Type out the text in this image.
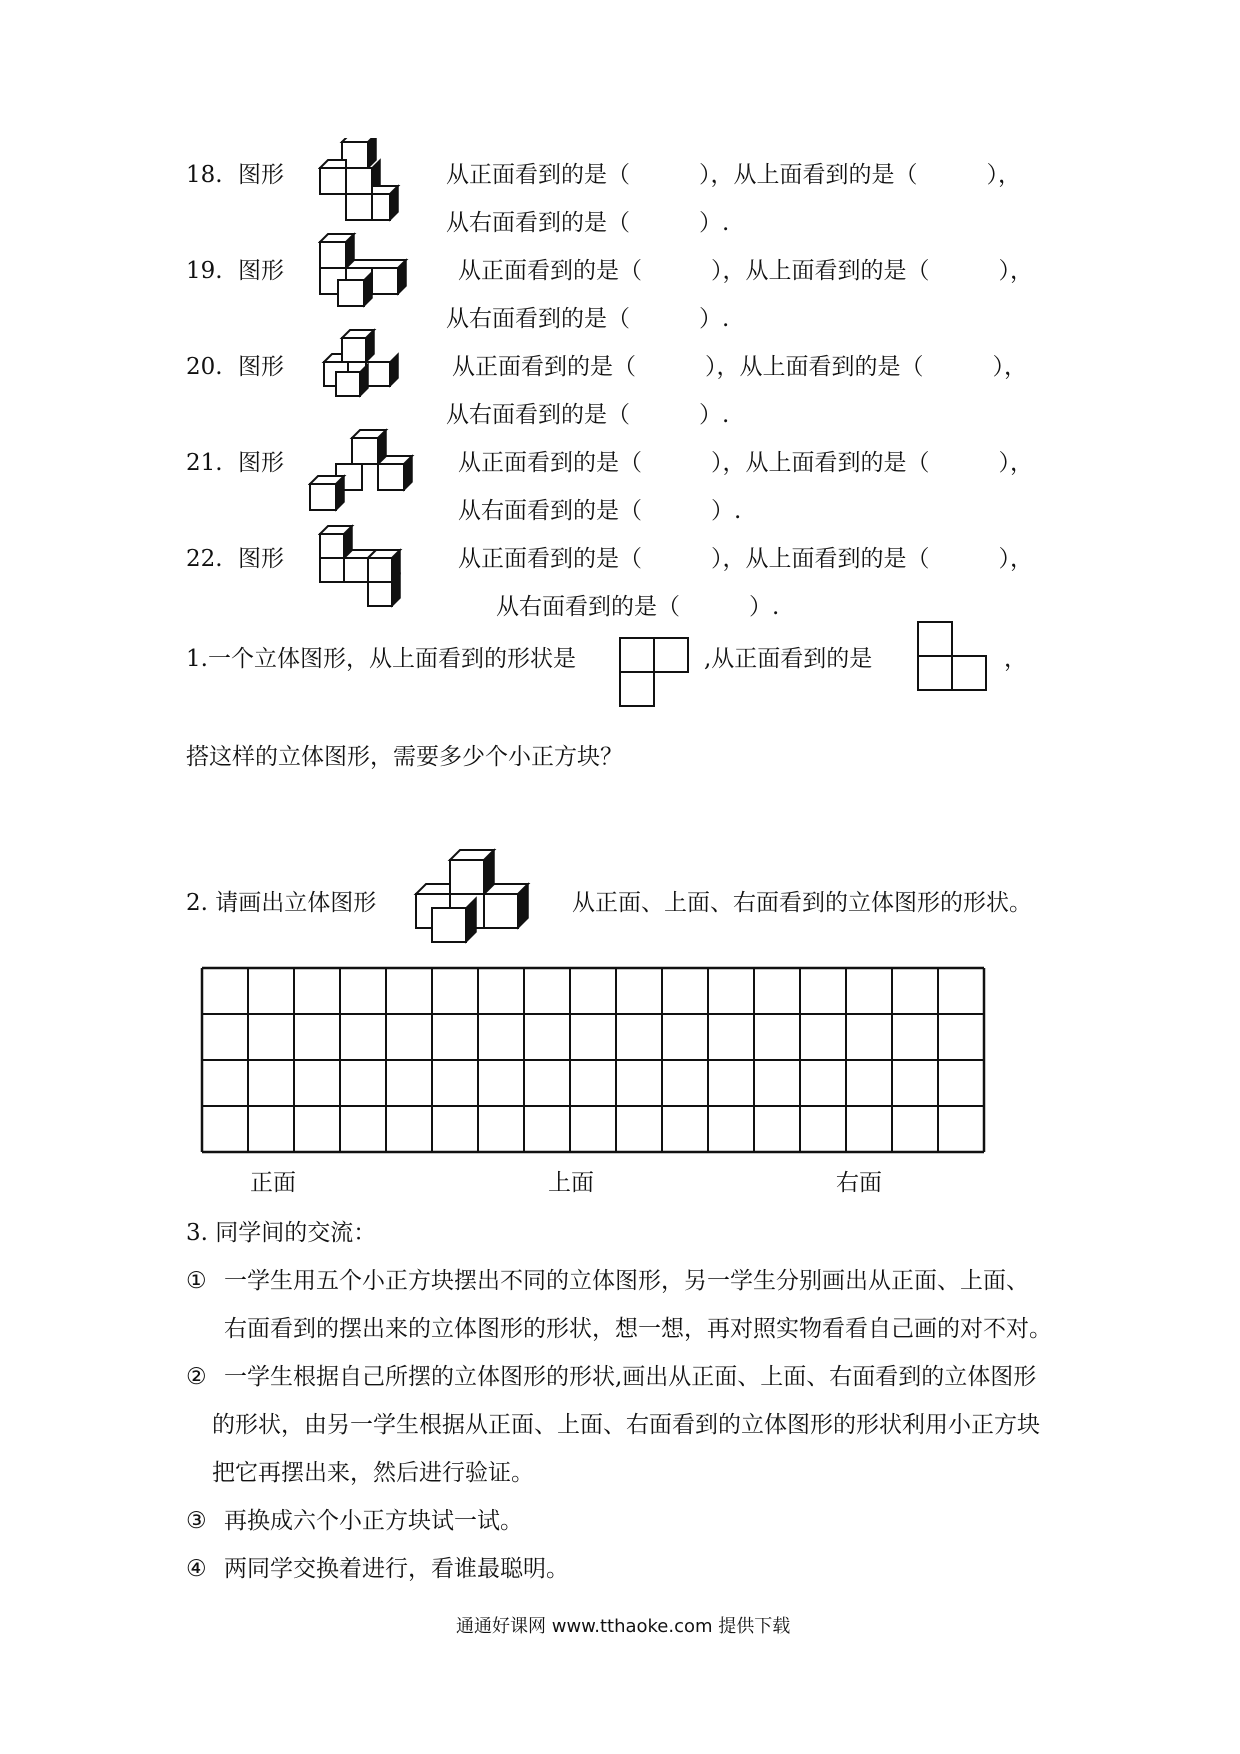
18. 图形	从正面看到的是（　　　），从上面看到的是（　　　），
从右面看到的是（　　　）.
19. 图形	从正面看到的是（　　　），从上面看到的是（　　　），
从右面看到的是（　　　）.
20. 图形	从正面看到的是（　　　），从上面看到的是（　　　），
从右面看到的是（　　　）.
21. 图形	从正面看到的是（　　　），从上面看到的是（　　　），
从右面看到的是（　　　）.
22. 图形	从正面看到的是（　　　），从上面看到的是（　　　），
从右面看到的是（　　　）.
1.一个立体图形，从上面看到的形状是	,从正面看到的是	，
搭这样的立体图形，需要多少个小正方块？
2. 请画出立体图形	从正面、上面、右面看到的立体图形的形状。
正面	上面	右面
3. 同学间的交流：
① 一学生用五个小正方块摆出不同的立体图形，另一学生分别画出从正面、上面、
右面看到的摆出来的立体图形的形状，想一想，再对照实物看看自己画的对不对。
② 一学生根据自己所摆的立体图形的形状,画出从正面、上面、右面看到的立体图形
的形状，由另一学生根据从正面、上面、右面看到的立体图形的形状利用小正方块
把它再摆出来，然后进行验证。
③ 再换成六个小正方块试一试。
④ 两同学交换着进行，看谁最聪明。
通通好课网 www.tthaoke.com 提供下载
